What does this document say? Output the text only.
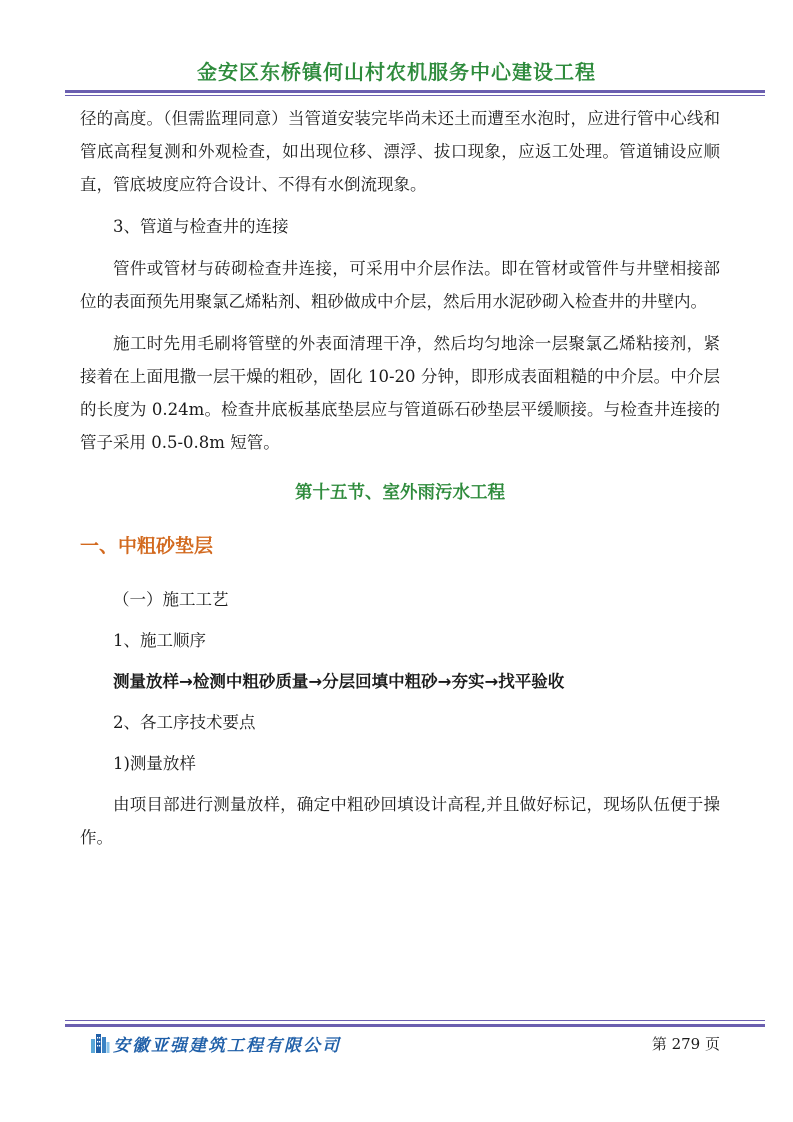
金安区东桥镇何山村农机服务中心建设工程

径的高度。（但需监理同意）当管道安装完毕尚未还土而遭至水泡时，应进行管中心线和管底高程复测和外观检查，如出现位移、漂浮、拔口现象，应返工处理。管道铺设应顺直，管底坡度应符合设计、不得有水倒流现象。

3、管道与检查井的连接

管件或管材与砖砌检查井连接，可采用中介层作法。即在管材或管件与井壁相接部位的表面预先用聚氯乙烯粘剂、粗砂做成中介层，然后用水泥砂砌入检查井的井壁内。

施工时先用毛刷将管壁的外表面清理干净，然后均匀地涂一层聚氯乙烯粘接剂，紧接着在上面甩撒一层干燥的粗砂，固化 10-20 分钟，即形成表面粗糙的中介层。中介层的长度为 0.24m。检查井底板基底垫层应与管道砾石砂垫层平缓顺接。与检查井连接的管子采用 0.5-0.8m 短管。

第十五节、室外雨污水工程

一、中粗砂垫层

（一）施工工艺

1、施工顺序

测量放样→检测中粗砂质量→分层回填中粗砂→夯实→找平验收

2、各工序技术要点

1)测量放样

由项目部进行测量放样，确定中粗砂回填设计高程,并且做好标记，现场队伍便于操作。

安徽亚强建筑工程有限公司	第 279 页
